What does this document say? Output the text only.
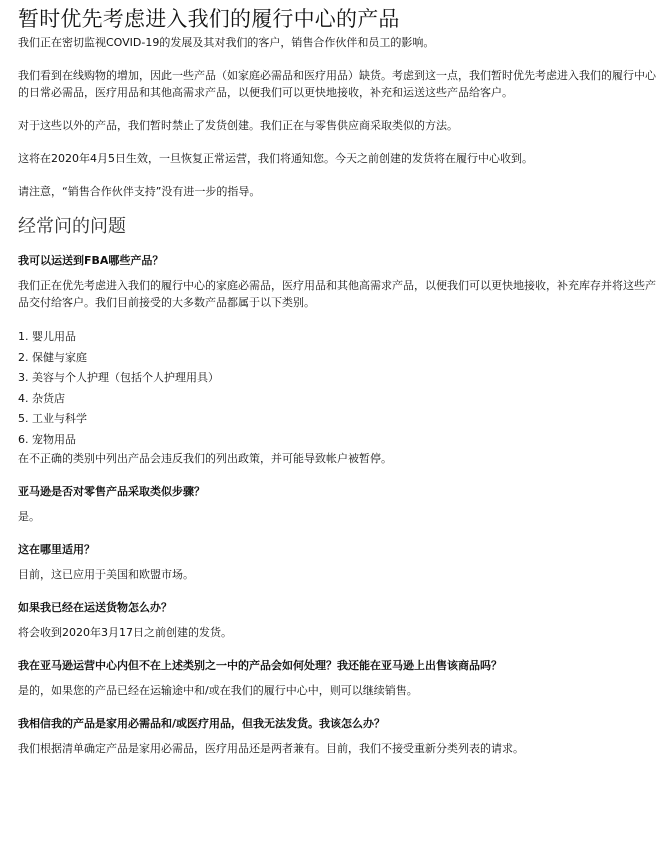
暂时优先考虑进入我们的履行中心的产品

我们正在密切监视COVID-19的发展及其对我们的客户，销售合作伙伴和员工的影响。

我们看到在线购物的增加，因此一些产品（如家庭必需品和医疗用品）缺货。考虑到这一点，我们暂时优先考虑进入我们的履行中心的日常必需品，医疗用品和其他高需求产品，以便我们可以更快地接收，补充和运送这些产品给客户。

对于这些以外的产品，我们暂时禁止了发货创建。我们正在与零售供应商采取类似的方法。

这将在2020年4月5日生效，一旦恢复正常运营，我们将通知您。今天之前创建的发货将在履行中心收到。

请注意，“销售合作伙伴支持”没有进一步的指导。

经常问的问题

我可以运送到FBA哪些产品？

我们正在优先考虑进入我们的履行中心的家庭必需品，医疗用品和其他高需求产品，以便我们可以更快地接收，补充库存并将这些产品交付给客户。我们目前接受的大多数产品都属于以下类别。

1. 婴儿用品
2. 保健与家庭
3. 美容与个人护理（包括个人护理用具）
4. 杂货店
5. 工业与科学
6. 宠物用品

在不正确的类别中列出产品会违反我们的列出政策，并可能导致帐户被暂停。

亚马逊是否对零售产品采取类似步骤？

是。

这在哪里适用？

目前，这已应用于美国和欧盟市场。

如果我已经在运送货物怎么办？

将会收到2020年3月17日之前创建的发货。

我在亚马逊运营中心内但不在上述类别之一中的产品会如何处理？我还能在亚马逊上出售该商品吗？

是的，如果您的产品已经在运输途中和/或在我们的履行中心中，则可以继续销售。

我相信我的产品是家用必需品和/或医疗用品，但我无法发货。我该怎么办？

我们根据清单确定产品是家用必需品，医疗用品还是两者兼有。目前，我们不接受重新分类列表的请求。
